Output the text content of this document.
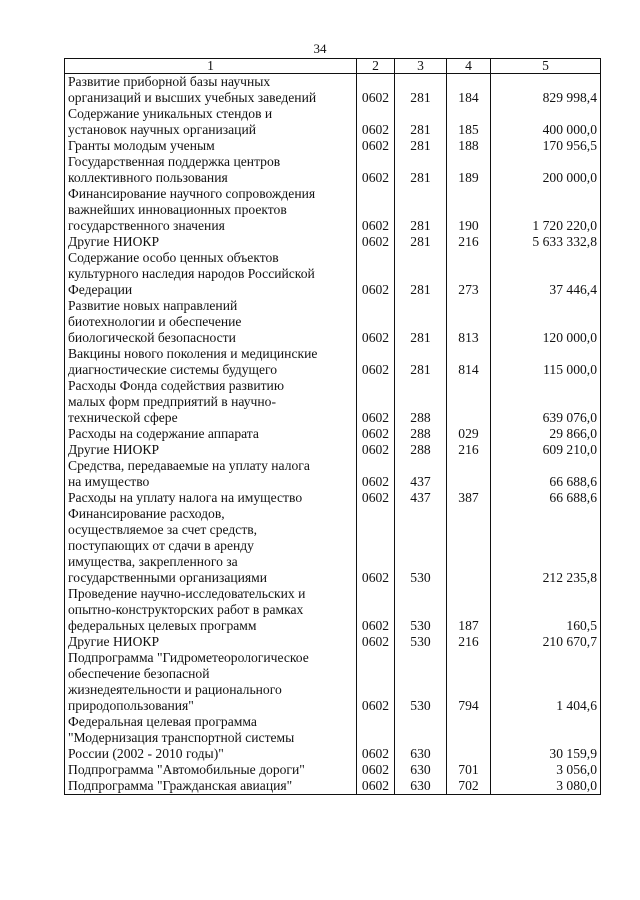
34
1	2	3	4	5
Развитие приборной базы научных
организаций и высших учебных заведений	0602	281	184	829 998,4
Содержание уникальных стендов и
установок научных организаций	0602	281	185	400 000,0
Гранты молодым ученым	0602	281	188	170 956,5
Государственная поддержка центров
коллективного пользования	0602	281	189	200 000,0
Финансирование научного сопровождения
важнейших инновационных проектов
государственного значения	0602	281	190	1 720 220,0
Другие НИОКР	0602	281	216	5 633 332,8
Содержание особо ценных объектов
культурного наследия народов Российской
Федерации	0602	281	273	37 446,4
Развитие новых направлений
биотехнологии и обеспечение
биологической безопасности	0602	281	813	120 000,0
Вакцины нового поколения и медицинские
диагностические системы будущего	0602	281	814	115 000,0
Расходы Фонда содействия развитию
малых форм предприятий в научно-
технической сфере	0602	288		639 076,0
Расходы на содержание аппарата	0602	288	029	29 866,0
Другие НИОКР	0602	288	216	609 210,0
Средства, передаваемые на уплату налога
на имущество	0602	437		66 688,6
Расходы на уплату налога на имущество	0602	437	387	66 688,6
Финансирование расходов,
осуществляемое за счет средств,
поступающих от сдачи в аренду
имущества, закрепленного за
государственными организациями	0602	530		212 235,8
Проведение научно-исследовательских и
опытно-конструкторских работ в рамках
федеральных целевых программ	0602	530	187	160,5
Другие НИОКР	0602	530	216	210 670,7
Подпрограмма "Гидрометеорологическое
обеспечение безопасной
жизнедеятельности и рационального
природопользования"	0602	530	794	1 404,6
Федеральная целевая программа
"Модернизация транспортной системы
России (2002 - 2010 годы)"	0602	630		30 159,9
Подпрограмма "Автомобильные дороги"	0602	630	701	3 056,0
Подпрограмма "Гражданская авиация"	0602	630	702	3 080,0
